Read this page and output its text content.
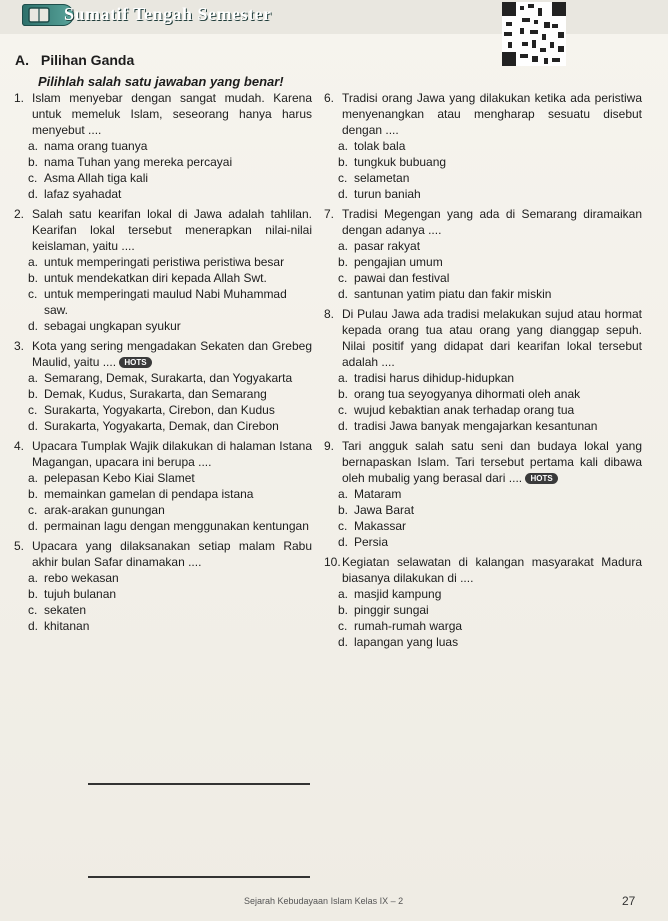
Sumatif Tengah Semester
A. Pilihan Ganda
Pilihlah salah satu jawaban yang benar!
1. Islam menyebar dengan sangat mudah. Karena untuk memeluk Islam, seseorang hanya harus menyebut ....
a. nama orang tuanya
b. nama Tuhan yang mereka percayai
c. Asma Allah tiga kali
d. lafaz syahadat
2. Salah satu kearifan lokal di Jawa adalah tahlilan. Kearifan lokal tersebut menerapkan nilai-nilai keislaman, yaitu ....
a. untuk memperingati peristiwa peristiwa besar
b. untuk mendekatkan diri kepada Allah Swt.
c. untuk memperingati maulud Nabi Muhammad saw.
d. sebagai ungkapan syukur
3. Kota yang sering mengadakan Sekaten dan Grebeg Maulid, yaitu .... HOTS
a. Semarang, Demak, Surakarta, dan Yogyakarta
b. Demak, Kudus, Surakarta, dan Semarang
c. Surakarta, Yogyakarta, Cirebon, dan Kudus
d. Surakarta, Yogyakarta, Demak, dan Cirebon
4. Upacara Tumplak Wajik dilakukan di halaman Istana Magangan, upacara ini berupa ....
a. pelepasan Kebo Kiai Slamet
b. memainkan gamelan di pendapa istana
c. arak-arakan gunungan
d. permainan lagu dengan menggunakan kentungan
5. Upacara yang dilaksanakan setiap malam Rabu akhir bulan Safar dinamakan ....
a. rebo wekasan
b. tujuh bulanan
c. sekaten
d. khitanan
6. Tradisi orang Jawa yang dilakukan ketika ada peristiwa menyenangkan atau mengharap sesuatu disebut dengan ....
a. tolak bala
b. tungkuk bubuang
c. selametan
d. turun baniah
7. Tradisi Megengan yang ada di Semarang diramaikan dengan adanya ....
a. pasar rakyat
b. pengajian umum
c. pawai dan festival
d. santunan yatim piatu dan fakir miskin
8. Di Pulau Jawa ada tradisi melakukan sujud atau hormat kepada orang tua atau orang yang dianggap sepuh. Nilai positif yang didapat dari kearifan lokal tersebut adalah ....
a. tradisi harus dihidup-hidupkan
b. orang tua seyogyanya dihormati oleh anak
c. wujud kebaktian anak terhadap orang tua
d. tradisi Jawa banyak mengajarkan kesantunan
9. Tari angguk salah satu seni dan budaya lokal yang bernapaskan Islam. Tari tersebut pertama kali dibawa oleh mubalig yang berasal dari .... HOTS
a. Mataram
b. Jawa Barat
c. Makassar
d. Persia
10. Kegiatan selawatan di kalangan masyarakat Madura biasanya dilakukan di ....
a. masjid kampung
b. pinggir sungai
c. rumah-rumah warga
d. lapangan yang luas
Sejarah Kebudayaan Islam Kelas IX – 2	27
